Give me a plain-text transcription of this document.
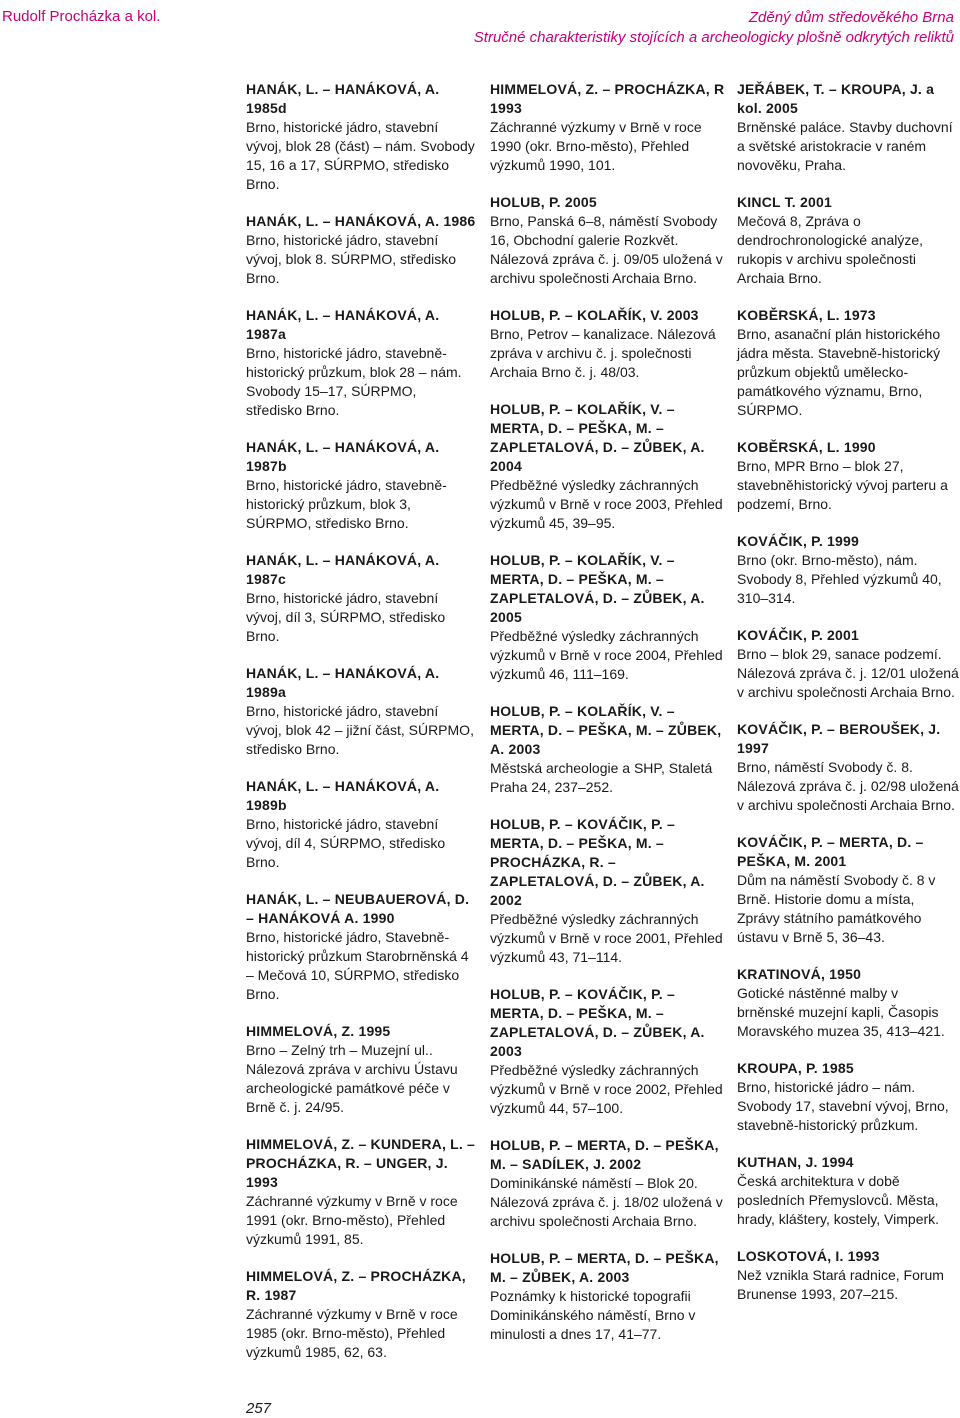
Rudolf Procházka a kol.	Zděný dům středověkého Brna
Stručné charakteristiky stojících a archeologicky plošně odkrytých reliktů

HANÁK, L. – HANÁKOVÁ, A. 1985d

Brno, historické jádro, stavební vývoj, blok 28 (část) – nám. Svobody 15, 16 a 17, SÚRPMO, středisko Brno.

HANÁK, L. – HANÁKOVÁ, A. 1986

Brno, historické jádro, stavební vývoj, blok 8. SÚRPMO, středisko Brno.

HANÁK, L. – HANÁKOVÁ, A. 1987a

Brno, historické jádro, stavebně-historický průzkum, blok 28 – nám. Svobody 15–17, SÚRPMO, středisko Brno.

HANÁK, L. – HANÁKOVÁ, A. 1987b

Brno, historické jádro, stavebně-historický průzkum, blok 3, SÚRPMO, středisko Brno.

HANÁK, L. – HANÁKOVÁ, A. 1987c

Brno, historické jádro, stavební vývoj, díl 3, SÚRPMO, středisko Brno.

HANÁK, L. – HANÁKOVÁ, A. 1989a

Brno, historické jádro, stavební vývoj, blok 42 – jižní část, SÚRPMO, středisko Brno.

HANÁK, L. – HANÁKOVÁ, A. 1989b

Brno, historické jádro, stavební vývoj, díl 4, SÚRPMO, středisko Brno.

HANÁK, L. – NEUBAUEROVÁ, D. – HANÁKOVÁ A. 1990

Brno, historické jádro, Stavebně-historický průzkum Starobrněnská 4 – Mečová 10, SÚRPMO, středisko Brno.

HIMMELOVÁ, Z. 1995

Brno – Zelný trh – Muzejní ul.. Nálezová zpráva v archivu Ústavu archeologické památkové péče v Brně č. j. 24/95.

HIMMELOVÁ, Z. – KUNDERA, L. – PROCHÁZKA, R. – UNGER, J. 1993

Záchranné výzkumy v Brně v roce 1991 (okr. Brno-město), Přehled výzkumů 1991, 85.

HIMMELOVÁ, Z. – PROCHÁZKA, R. 1987

Záchranné výzkumy v Brně v roce 1985 (okr. Brno-město), Přehled výzkumů 1985, 62, 63.

HIMMELOVÁ, Z. – PROCHÁZKA, R 1993

Záchranné výzkumy v Brně v roce 1990 (okr. Brno-město), Přehled výzkumů 1990, 101.

HOLUB, P. 2005

Brno, Panská 6–8, náměstí Svobody 16, Obchodní galerie Rozkvět. Nálezová zpráva č. j. 09/05 uložená v archivu společnosti Archaia Brno.

HOLUB, P. – KOLAŘÍK, V. 2003

Brno, Petrov – kanalizace. Nálezová zpráva v archivu č. j. společnosti Archaia Brno č. j. 48/03.

HOLUB, P. – KOLAŘÍK, V. – MERTA, D. – PEŠKA, M. – ZAPLETALOVÁ, D. – ZŮBEK, A. 2004

Předběžné výsledky záchranných výzkumů v Brně v roce 2003, Přehled výzkumů 45, 39–95.

HOLUB, P. – KOLAŘÍK, V. – MERTA, D. – PEŠKA, M. – ZAPLETALOVÁ, D. – ZŮBEK, A. 2005

Předběžné výsledky záchranných výzkumů v Brně v roce 2004, Přehled výzkumů 46, 111–169.

HOLUB, P. – KOLAŘÍK, V. – MERTA, D. – PEŠKA, M. – ZŮBEK, A. 2003

Městská archeologie a SHP, Staletá Praha 24, 237–252.

HOLUB, P. – KOVÁČIK, P. – MERTA, D. – PEŠKA, M. – PROCHÁZKA, R. – ZAPLETALOVÁ, D. – ZŮBEK, A. 2002

Předběžné výsledky záchranných výzkumů v Brně v roce 2001, Přehled výzkumů 43, 71–114.

HOLUB, P. – KOVÁČIK, P. – MERTA, D. – PEŠKA, M. – ZAPLETALOVÁ, D. – ZŮBEK, A. 2003

Předběžné výsledky záchranných výzkumů v Brně v roce 2002, Přehled výzkumů 44, 57–100.

HOLUB, P. – MERTA, D. – PEŠKA, M. – SADÍLEK, J. 2002

Dominikánské náměstí – Blok 20. Nálezová zpráva č. j. 18/02 uložená v archivu společnosti Archaia Brno.

HOLUB, P. – MERTA, D. – PEŠKA, M. – ZŮBEK, A. 2003

Poznámky k historické topografii Dominikánského náměstí, Brno v minulosti a dnes 17, 41–77.

JEŘÁBEK, T. – KROUPA, J. a kol. 2005

Brněnské paláce. Stavby duchovní a světské aristokracie v raném novověku, Praha.

KINCL T. 2001

Mečová 8, Zpráva o dendrochronologické analýze, rukopis v archivu společnosti Archaia Brno.

KOBĚRSKÁ, L. 1973

Brno, asanační plán historického jádra města. Stavebně-historický průzkum objektů umělecko-památkového významu, Brno, SÚRPMO.

KOBĚRSKÁ, L. 1990

Brno, MPR Brno – blok 27, stavebněhistorický vývoj parteru a podzemí, Brno.

KOVÁČIK, P. 1999

Brno (okr. Brno-město), nám. Svobody 8, Přehled výzkumů 40, 310–314.

KOVÁČIK, P. 2001

Brno – blok 29, sanace podzemí. Nálezová zpráva č. j. 12/01 uložená v archivu společnosti Archaia Brno.

KOVÁČIK, P. – BEROUŠEK, J. 1997

Brno, náměstí Svobody č. 8. Nálezová zpráva č. j. 02/98 uložená v archivu společnosti Archaia Brno.

KOVÁČIK, P. – MERTA, D. – PEŠKA, M. 2001

Dům na náměstí Svobody č. 8 v Brně. Historie domu a místa, Zprávy státního památkového ústavu v Brně 5, 36–43.

KRATINOVÁ, 1950

Gotické nástěnné malby v brněnské muzejní kapli, Časopis Moravského muzea 35, 413–421.

KROUPA, P. 1985

Brno, historické jádro – nám. Svobody 17, stavební vývoj, Brno, stavebně-historický průzkum.

KUTHAN, J. 1994

Česká architektura v době posledních Přemyslovců. Města, hrady, kláštery, kostely, Vimperk.

LOSKOTOVÁ, I. 1993

Než vznikla Stará radnice, Forum Brunense 1993, 207–215.

257
